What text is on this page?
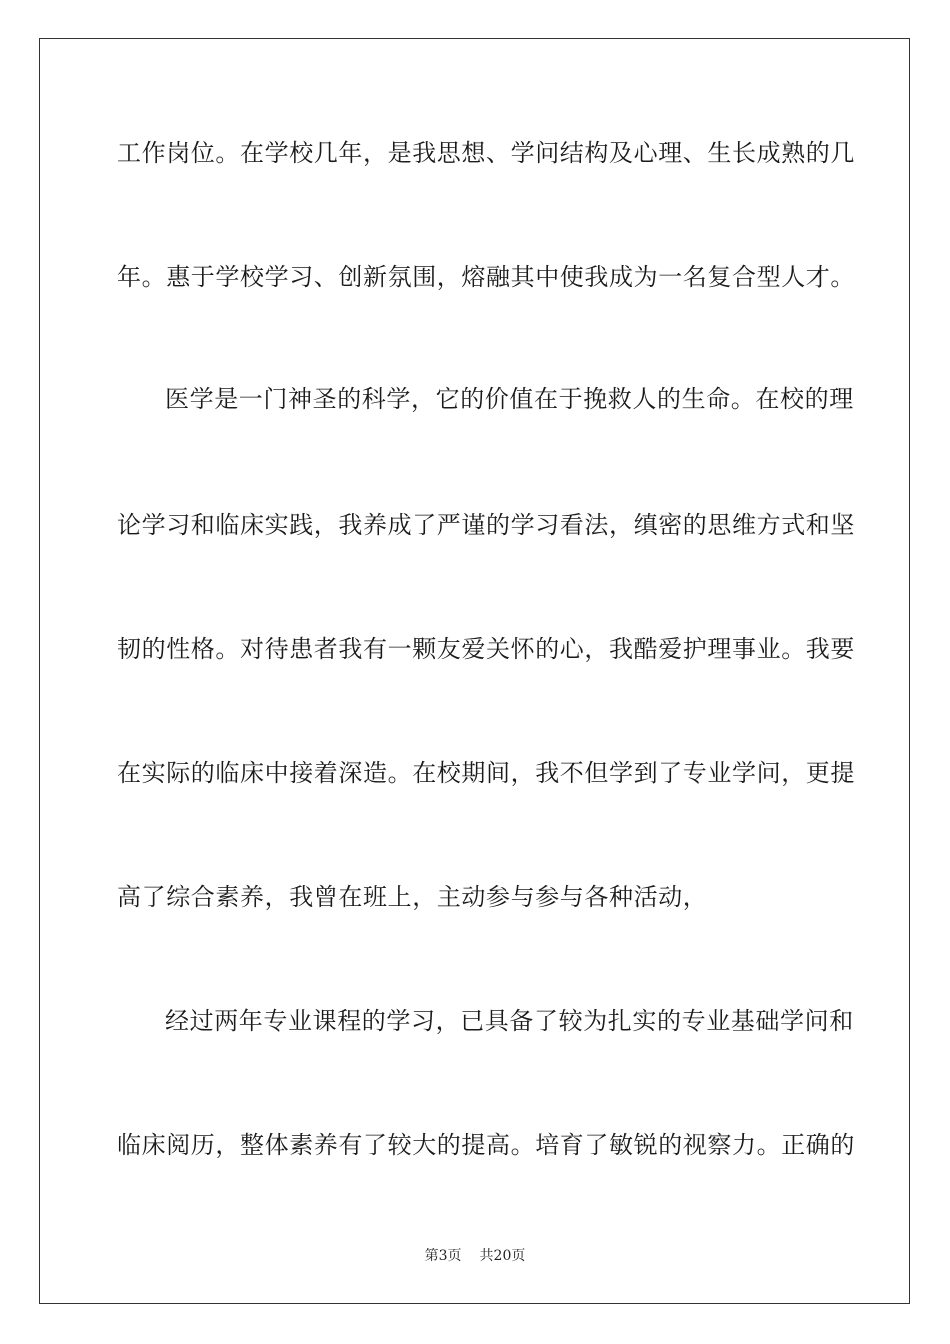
工作岗位。在学校几年，是我思想、学问结构及心理、生长成熟的几
年。惠于学校学习、创新氛围，熔融其中使我成为一名复合型人才。
医学是一门神圣的科学，它的价值在于挽救人的生命。在校的理
论学习和临床实践，我养成了严谨的学习看法，缜密的思维方式和坚
韧的性格。对待患者我有一颗友爱关怀的心，我酷爱护理事业。我要
在实际的临床中接着深造。在校期间，我不但学到了专业学问，更提
高了综合素养，我曾在班上，主动参与参与各种活动，
经过两年专业课程的学习，已具备了较为扎实的专业基础学问和
临床阅历，整体素养有了较大的提高。培育了敏锐的视察力。正确的
第3页 共20页
